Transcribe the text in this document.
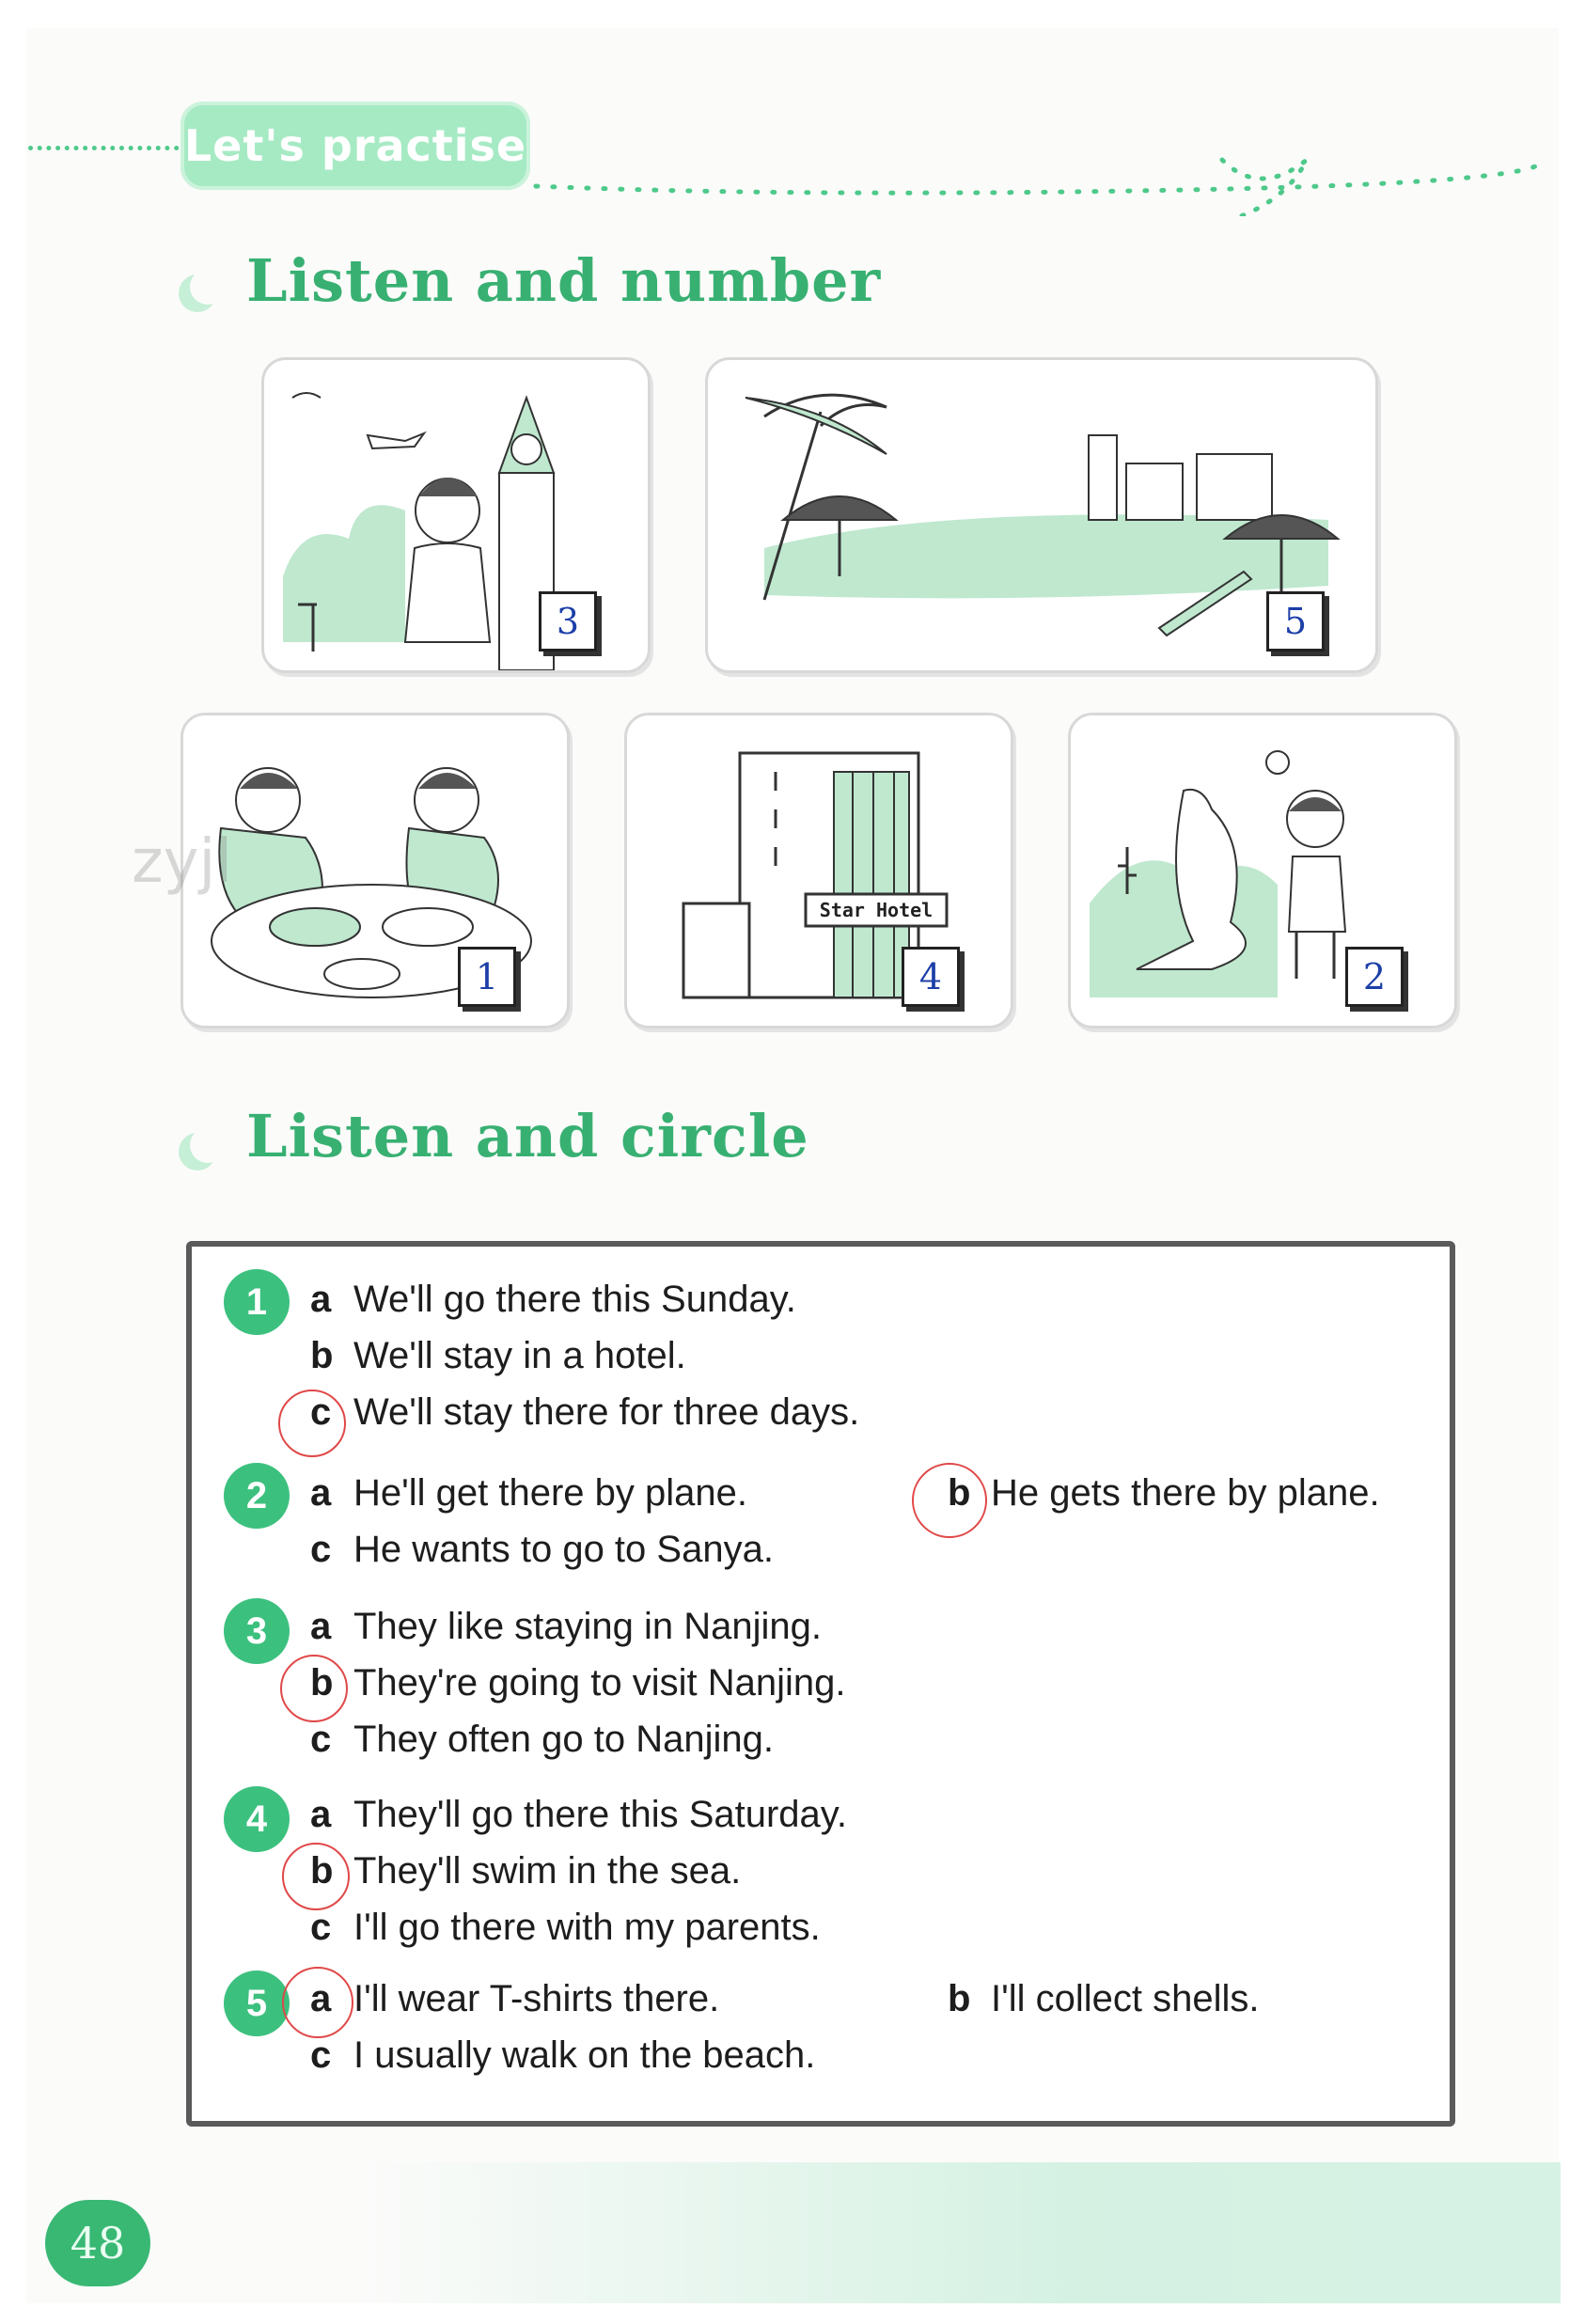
Let's practise
Listen and number
3	5
1
Star Hotel
4	2
zyjl
Listen and circle
1	a We'll go there this Sunday.
b We'll stay in a hotel.
c We'll stay there for three days.
2	a He'll get there by plane.	b He gets there by plane.
c He wants to go to Sanya.
3	a They like staying in Nanjing.
b They're going to visit Nanjing.
c They often go to Nanjing.
4	a They'll go there this Saturday.
b They'll swim in the sea.
c I'll go there with my parents.
5	a I'll wear T-shirts there.	b I'll collect shells.
c I usually walk on the beach.
48
